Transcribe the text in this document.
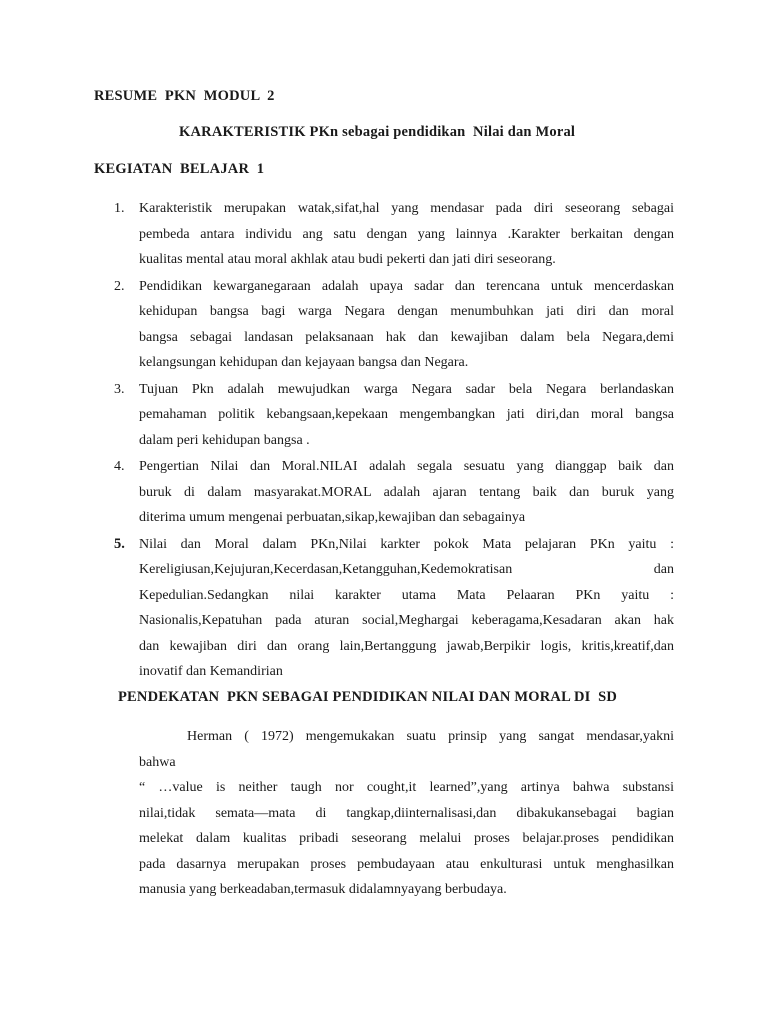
RESUME  PKN  MODUL  2
KARAKTERISTIK PKn sebagai pendidikan  Nilai dan Moral
KEGIATAN  BELAJAR  1
1. Karakteristik merupakan watak,sifat,hal yang mendasar pada diri seseorang sebagai
pembeda antara individu ang satu dengan yang lainnya .Karakter berkaitan dengan
kualitas mental atau moral akhlak atau budi pekerti dan jati diri seseorang.
2. Pendidikan kewarganegaraan adalah upaya sadar dan terencana untuk mencerdaskan
kehidupan bangsa bagi warga Negara dengan menumbuhkan jati diri dan moral
bangsa sebagai landasan pelaksanaan hak dan kewajiban dalam bela Negara,demi
kelangsungan kehidupan dan kejayaan bangsa dan Negara.
3. Tujuan Pkn adalah mewujudkan warga Negara sadar bela Negara berlandaskan
pemahaman politik kebangsaan,kepekaan mengembangkan jati diri,dan moral bangsa
dalam peri kehidupan bangsa .
4. Pengertian Nilai dan Moral.NILAI adalah segala sesuatu yang dianggap baik dan
buruk di dalam masyarakat.MORAL adalah ajaran tentang baik dan buruk yang
diterima umum mengenai perbuatan,sikap,kewajiban dan sebagainya
5. Nilai dan Moral dalam PKn,Nilai karkter pokok Mata pelajaran PKn yaitu :
Kereligiusan,Kejujuran,Kecerdasan,Ketangguhan,Kedemokratisan dan
Kepedulian.Sedangkan nilai karakter utama Mata Pelaaran PKn yaitu :
Nasionalis,Kepatuhan pada aturan social,Meghargai keberagama,Kesadaran akan hak
dan kewajiban diri dan orang lain,Bertanggung jawab,Berpikir logis, kritis,kreatif,dan
inovatif dan Kemandirian
PENDEKATAN  PKN SEBAGAI PENDIDIKAN NILAI DAN MORAL DI  SD
Herman ( 1972) mengemukakan suatu prinsip yang sangat mendasar,yakni
bahwa
“ …value is neither taugh nor cought,it learned”,yang artinya bahwa substansi
nilai,tidak semata—mata di tangkap,diinternalisasi,dan dibakukansebagai bagian
melekat dalam kualitas pribadi seseorang melalui proses belajar.proses pendidikan
pada dasarnya merupakan proses pembudayaan atau enkulturasi untuk menghasilkan
manusia yang berkeadaban,termasuk didalamnyayang berbudaya.
